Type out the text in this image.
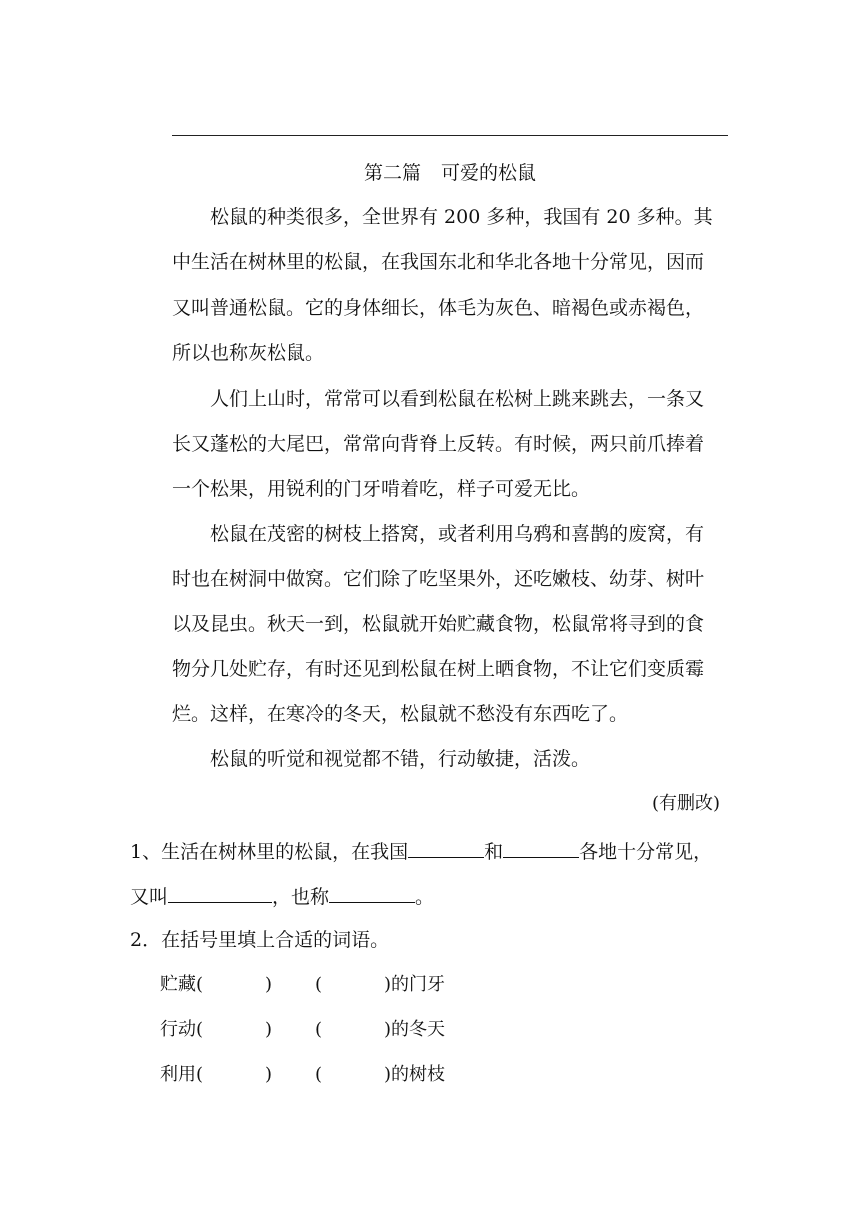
第二篇 可爱的松鼠
松鼠的种类很多，全世界有 200 多种，我国有 20 多种。其
中生活在树林里的松鼠，在我国东北和华北各地十分常见，因而
又叫普通松鼠。它的身体细长，体毛为灰色、暗褐色或赤褐色，
所以也称灰松鼠。
人们上山时，常常可以看到松鼠在松树上跳来跳去，一条又
长又蓬松的大尾巴，常常向背脊上反转。有时候，两只前爪捧着
一个松果，用锐利的门牙啃着吃，样子可爱无比。
松鼠在茂密的树枝上搭窝，或者利用乌鸦和喜鹊的废窝，有
时也在树洞中做窝。它们除了吃坚果外，还吃嫩枝、幼芽、树叶
以及昆虫。秋天一到，松鼠就开始贮藏食物，松鼠常将寻到的食
物分几处贮存，有时还见到松鼠在树上晒食物，不让它们变质霉
烂。这样，在寒冷的冬天，松鼠就不愁没有东西吃了。
松鼠的听觉和视觉都不错，行动敏捷，活泼。
(有删改)
1、生活在树林里的松鼠，在我国	和	各地十分常见，
又叫	，也称	。
2．在括号里填上合适的词语。
贮藏(	) (	)的门牙
行动(	) (	)的冬天
利用(	) (	)的树枝
